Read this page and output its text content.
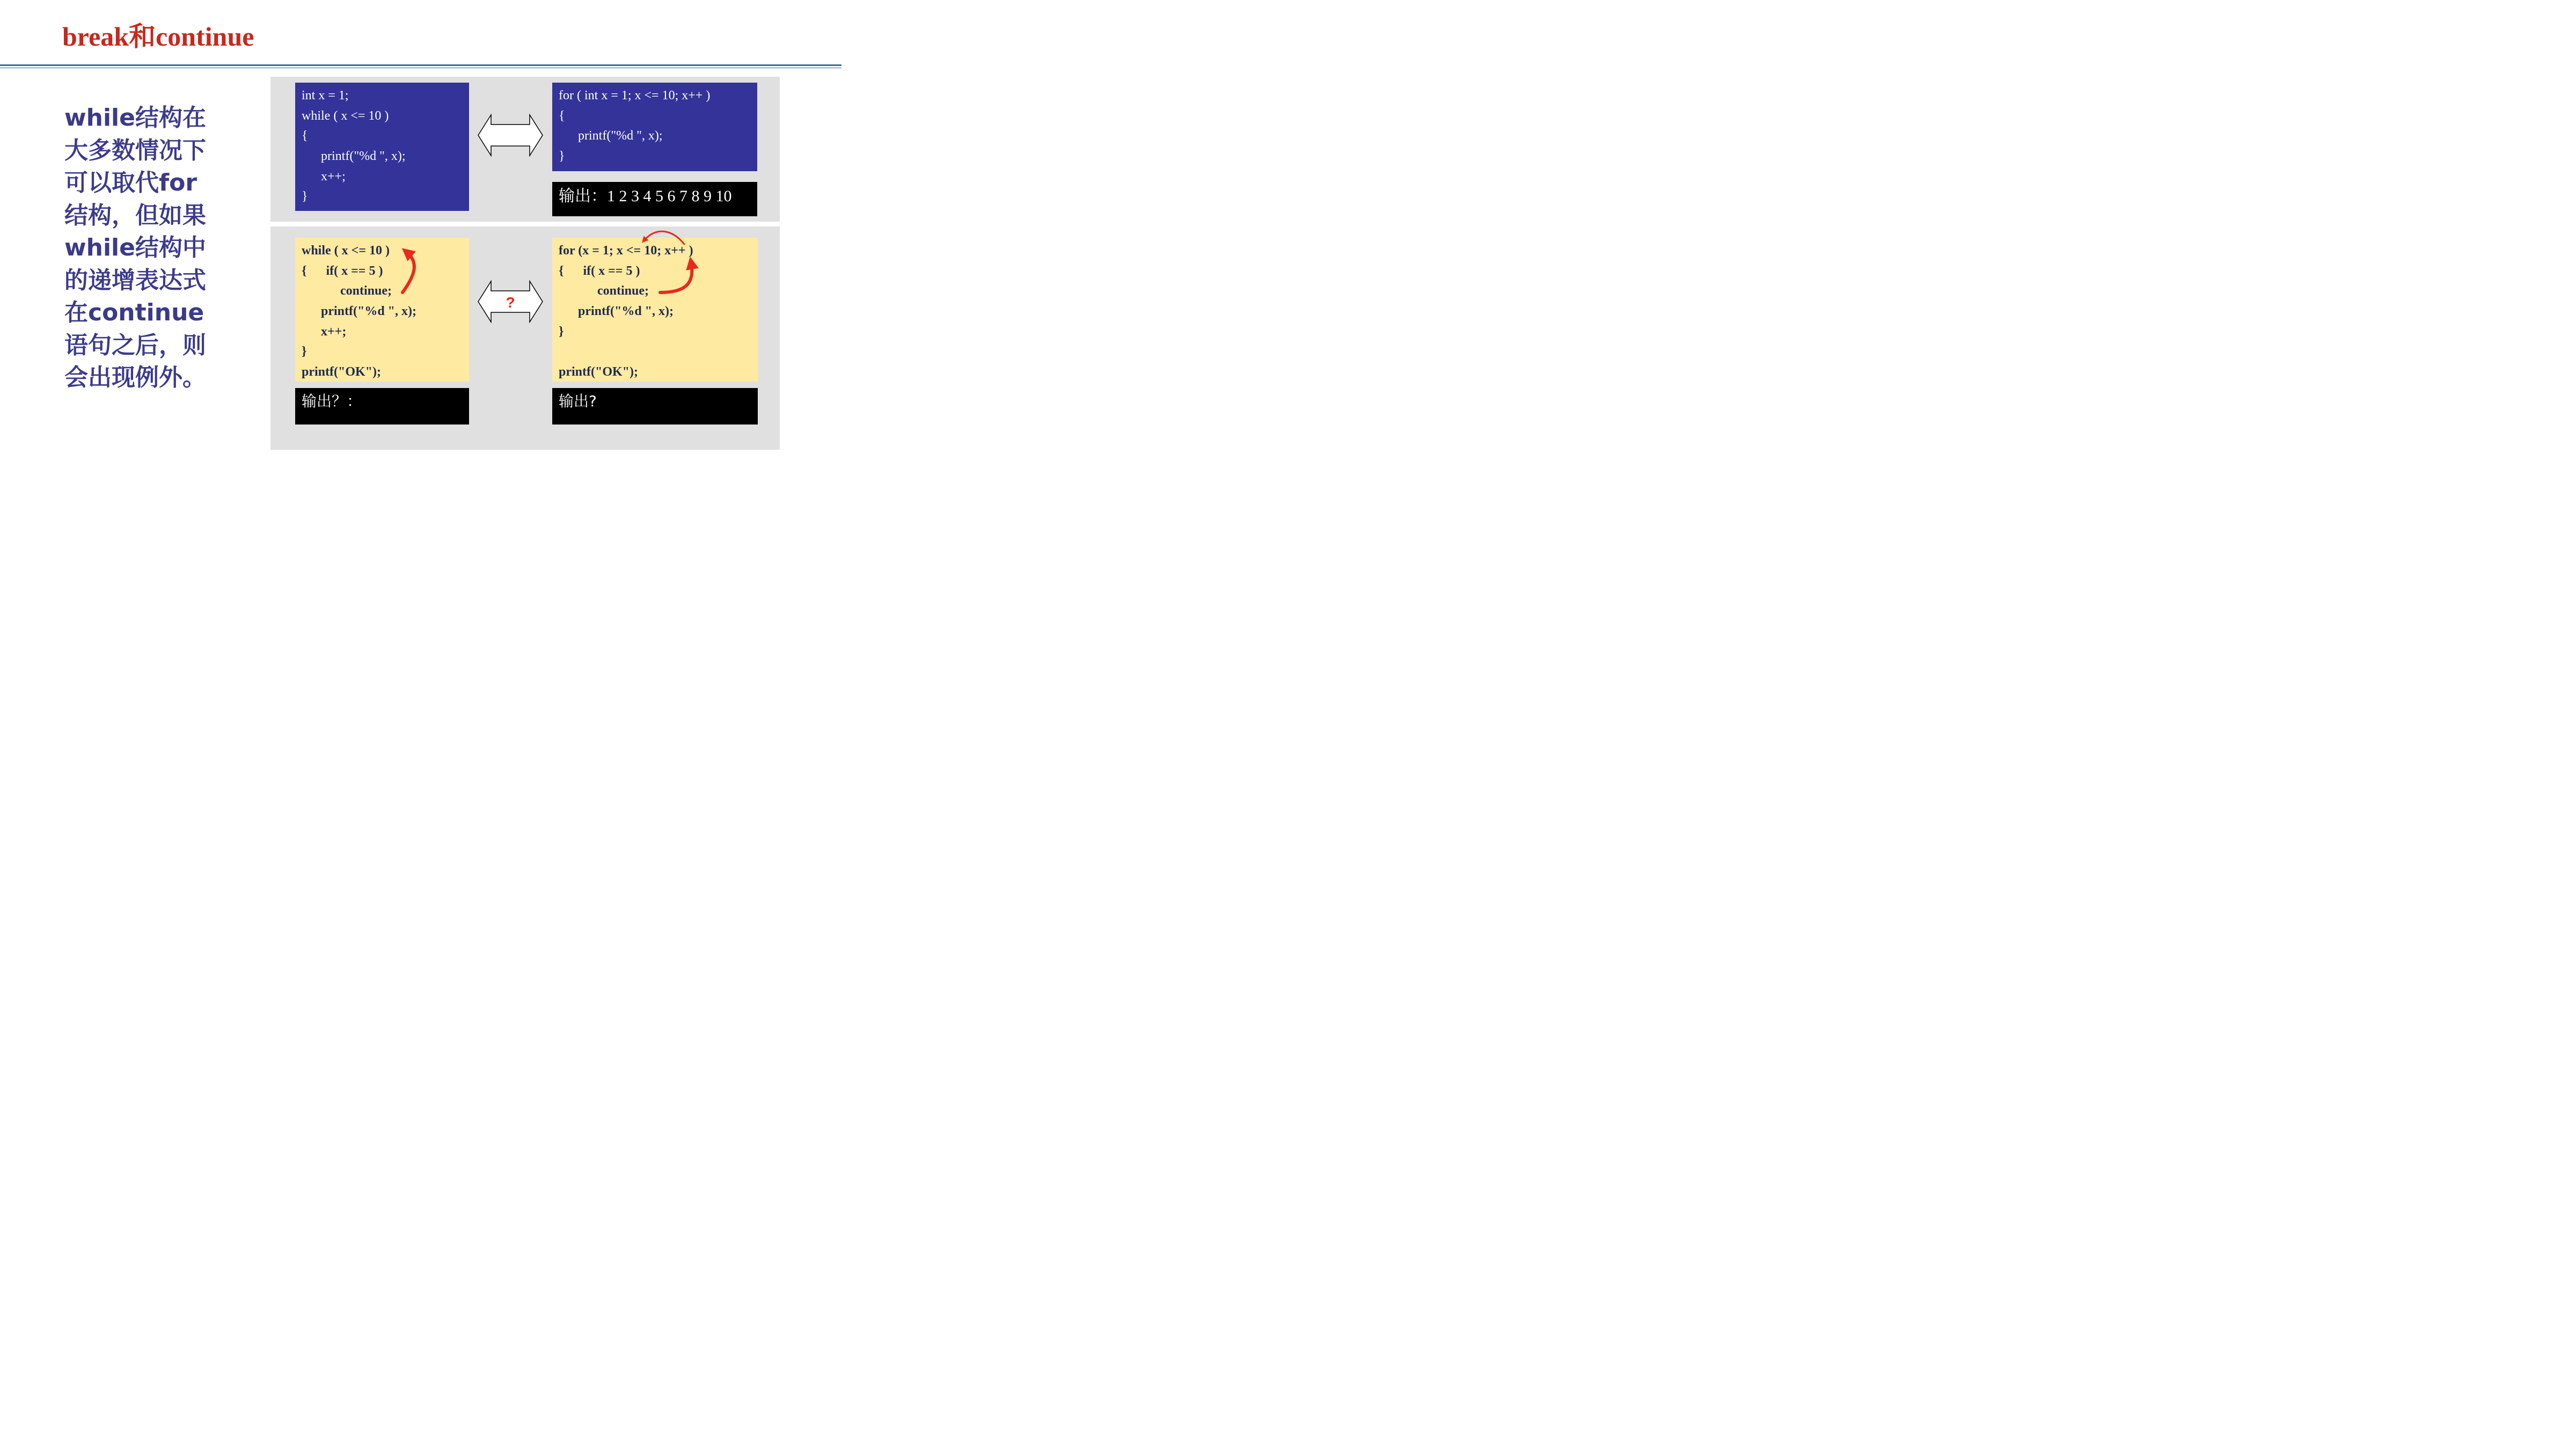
break和continue
while结构在
大多数情况下
可以取代for
结构，但如果
while结构中
的递增表达式
在continue
语句之后，则
会出现例外。
int x = 1;
while ( x <= 10 )
{
printf("%d ", x);
x++;
}
for ( int x = 1; x <= 10; x++ )
{
printf("%d ", x);
}
输出：1 2 3 4 5 6 7 8 9 10
while ( x <= 10 )
{      if( x == 5 )
continue;
printf("%d ", x);
x++;
}
printf("OK");
for (x = 1; x <= 10; x++ )
{      if( x == 5 )
continue;
printf("%d ", x);
}
printf("OK");
输出？：	输出?
?
